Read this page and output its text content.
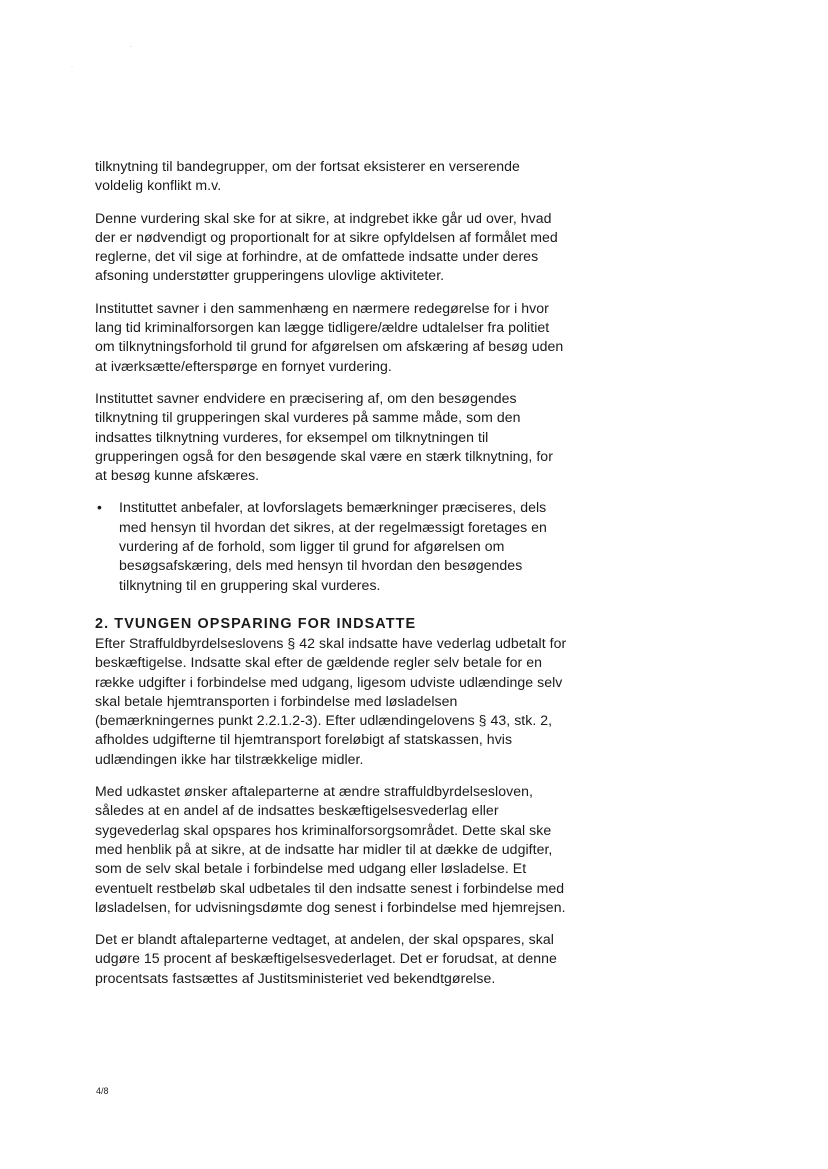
·
·

tilknytning til bandegrupper, om der fortsat eksisterer en verserende voldelig konflikt m.v.

Denne vurdering skal ske for at sikre, at indgrebet ikke går ud over, hvad der er nødvendigt og proportionalt for at sikre opfyldelsen af formålet med reglerne, det vil sige at forhindre, at de omfattede indsatte under deres afsoning understøtter grupperingens ulovlige aktiviteter.

Instituttet savner i den sammenhæng en nærmere redegørelse for i hvor lang tid kriminalforsorgen kan lægge tidligere/ældre udtalelser fra politiet om tilknytningsforhold til grund for afgørelsen om afskæring af besøg uden at iværksætte/efterspørge en fornyet vurdering.

Instituttet savner endvidere en præcisering af, om den besøgendes tilknytning til grupperingen skal vurderes på samme måde, som den indsattes tilknytning vurderes, for eksempel om tilknytningen til grupperingen også for den besøgende skal være en stærk tilknytning, for at besøg kunne afskæres.

•	Instituttet anbefaler, at lovforslagets bemærkninger præciseres, dels med hensyn til hvordan det sikres, at der regelmæssigt foretages en vurdering af de forhold, som ligger til grund for afgørelsen om besøgsafskæring, dels med hensyn til hvordan den besøgendes tilknytning til en gruppering skal vurderes.
2. TVUNGEN OPSPARING FOR INDSATTE

Efter Straffuldbyrdelseslovens § 42 skal indsatte have vederlag udbetalt for beskæftigelse. Indsatte skal efter de gældende regler selv betale for en række udgifter i forbindelse med udgang, ligesom udviste udlændinge selv skal betale hjemtransporten i forbindelse med løsladelsen (bemærkningernes punkt 2.2.1.2-3). Efter udlændingelovens § 43, stk. 2, afholdes udgifterne til hjemtransport foreløbigt af statskassen, hvis udlændingen ikke har tilstrækkelige midler.

Med udkastet ønsker aftaleparterne at ændre straffuldbyrdelsesloven, således at en andel af de indsattes beskæftigelsesvederlag eller sygevederlag skal opspares hos kriminalforsorgsområdet. Dette skal ske med henblik på at sikre, at de indsatte har midler til at dække de udgifter, som de selv skal betale i forbindelse med udgang eller løsladelse. Et eventuelt restbeløb skal udbetales til den indsatte senest i forbindelse med løsladelsen, for udvisningsdømte dog senest i forbindelse med hjemrejsen.

Det er blandt aftaleparterne vedtaget, at andelen, der skal opspares, skal udgøre 15 procent af beskæftigelsesvederlaget. Det er forudsat, at denne procentsats fastsættes af Justitsministeriet ved bekendtgørelse.

4/8
